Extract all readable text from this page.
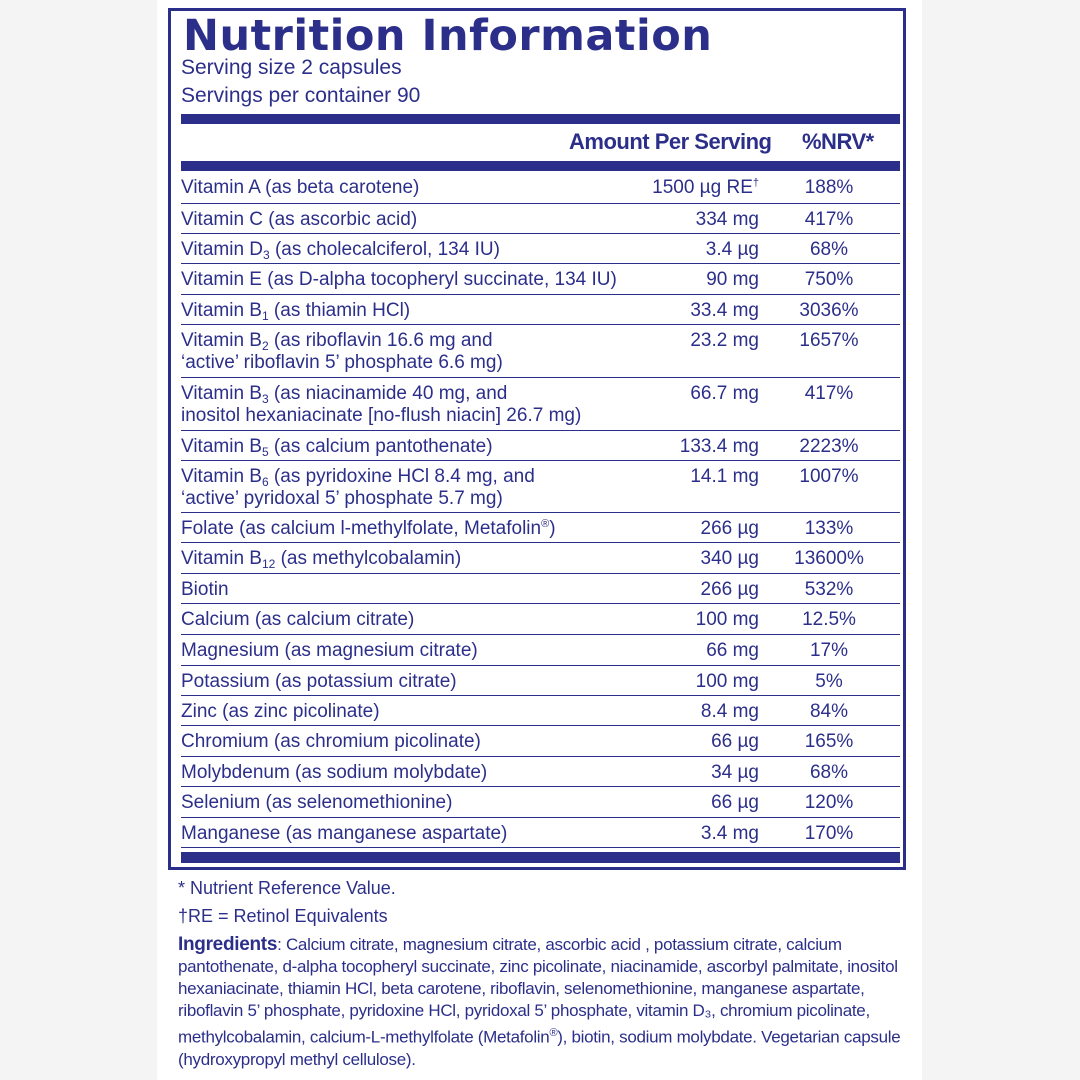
Nutrition Information
Serving size 2 capsules
Servings per container 90
Amount Per Serving %NRV*
Vitamin A (as beta carotene)	1500 µg RE†	188%
Vitamin C (as ascorbic acid)	334 mg	417%
Vitamin $D_3$ (as cholecalciferol, 134 IU)	3.4 µg	68%
Vitamin E (as D-alpha tocopheryl succinate, 134 IU)	90 mg	750%
Vitamin $B_1$ (as thiamin HCl)	33.4 mg	3036%
Vitamin $B_2$ (as riboflavin 16.6 mg and
‘active’ riboflavin 5’ phosphate 6.6 mg)
23.2 mg	1657%
Vitamin $B_3$ (as niacinamide 40 mg, and
inositol hexaniacinate [no-flush niacin] 26.7 mg)
66.7 mg	417%
Vitamin $B_5$ (as calcium pantothenate)	133.4 mg	2223%
Vitamin $B_6$ (as pyridoxine HCl 8.4 mg, and
‘active’ pyridoxal 5’ phosphate 5.7 mg)
14.1 mg	1007%
Folate (as calcium l-methylfolate, Metafolin®)	266 µg	133%
Vitamin $B_{12}$ (as methylcobalamin)	340 µg	13600%
Biotin	266 µg	532%
Calcium (as calcium citrate)	100 mg	12.5%
Magnesium (as magnesium citrate)	66 mg	17%
Potassium (as potassium citrate)	100 mg	5%
Zinc (as zinc picolinate)	8.4 mg	84%
Chromium (as chromium picolinate)	66 µg	165%
Molybdenum (as sodium molybdate)	34 µg	68%
Selenium (as selenomethionine)	66 µg	120%
Manganese (as manganese aspartate)	3.4 mg	170%
* Nutrient Reference Value.
†RE = Retinol Equivalents
Ingredients: Calcium citrate, magnesium citrate, ascorbic acid , potassium citrate, calcium pantothenate, d-alpha tocopheryl succinate, zinc picolinate, niacinamide, ascorbyl palmitate, inositol hexaniacinate, thiamin HCl, beta carotene, riboflavin, selenomethionine, manganese aspartate, riboflavin 5’ phosphate, pyridoxine HCl, pyridoxal 5’ phosphate, vitamin D₃, chromium picolinate, methylcobalamin, calcium-L-methylfolate (Metafolin®), biotin, sodium molybdate. Vegetarian capsule (hydroxypropyl methyl cellulose).
